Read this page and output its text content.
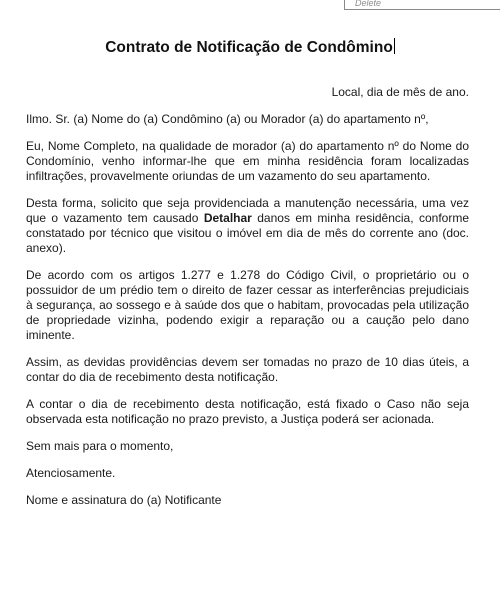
Delete
Contrato de Notificação de Condômino

Local, dia de mês de ano.

Ilmo. Sr. (a) Nome do (a) Condômino (a) ou Morador (a) do apartamento nº,

Eu, Nome Completo, na qualidade de morador (a) do apartamento nº do Nome do Condomínio, venho informar-lhe que em minha residência foram localizadas infiltrações, provavelmente oriundas de um vazamento do seu apartamento.

Desta forma, solicito que seja providenciada a manutenção necessária, uma vez que o vazamento tem causado Detalhar danos em minha residência, conforme constatado por técnico que visitou o imóvel em dia de mês do corrente ano (doc. anexo).

De acordo com os artigos 1.277 e 1.278 do Código Civil, o proprietário ou o possuidor de um prédio tem o direito de fazer cessar as interferências prejudiciais à segurança, ao sossego e à saúde dos que o habitam, provocadas pela utilização de propriedade vizinha, podendo exigir a reparação ou a caução pelo dano iminente.

Assim, as devidas providências devem ser tomadas no prazo de 10 dias úteis, a contar do dia de recebimento desta notificação.

A contar o dia de recebimento desta notificação, está fixado o Caso não seja observada esta notificação no prazo previsto, a Justiça poderá ser acionada.

Sem mais para o momento,

Atenciosamente.

Nome e assinatura do (a) Notificante
